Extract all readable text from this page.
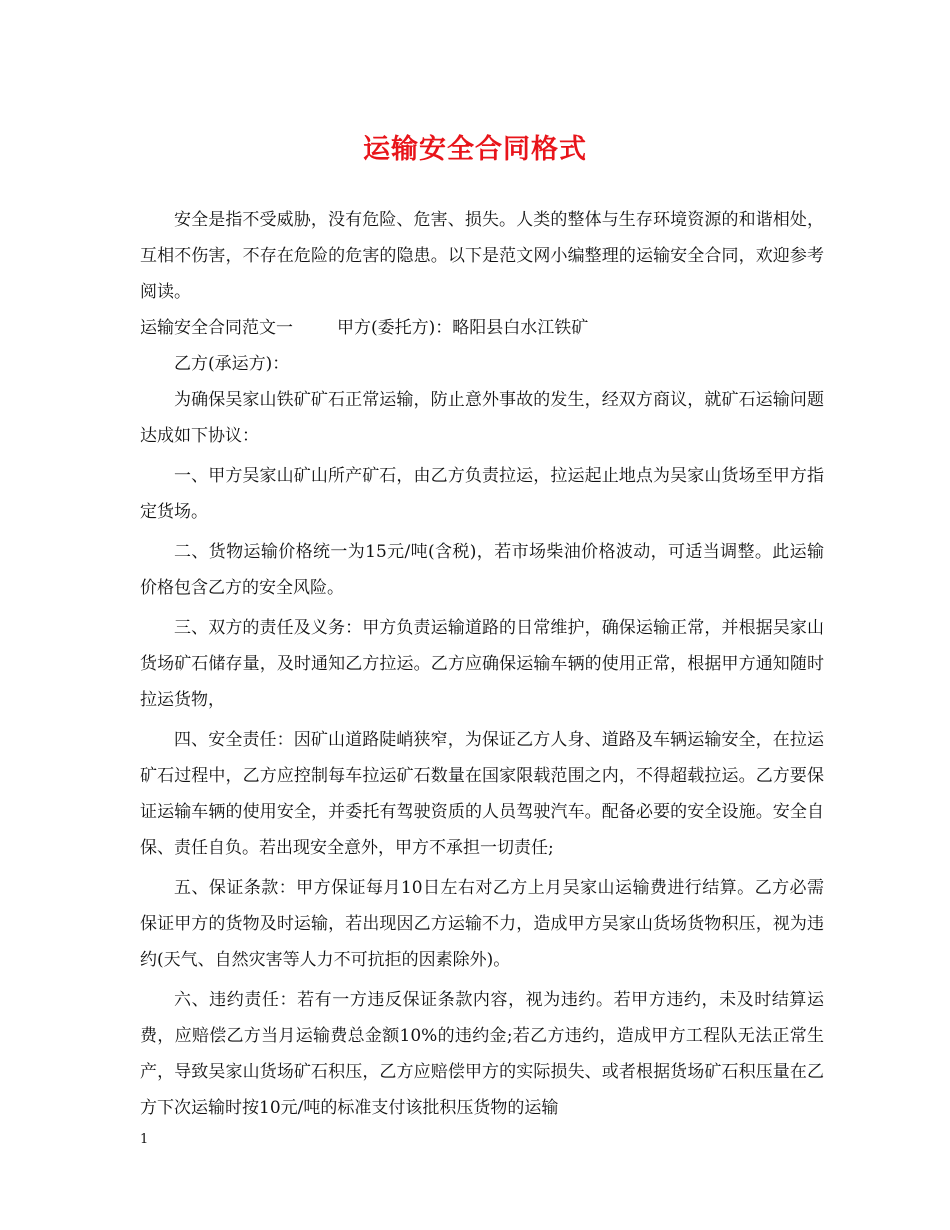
运输安全合同格式

安全是指不受威胁，没有危险、危害、损失。人类的整体与生存环境资源的和谐相处，互相不伤害，不存在危险的危害的隐患。以下是范文网小编整理的运输安全合同，欢迎参考阅读。

运输安全合同范文一	甲方(委托方)：略阳县白水江铁矿

乙方(承运方)：

为确保吴家山铁矿矿石正常运输，防止意外事故的发生，经双方商议，就矿石运输问题达成如下协议：

一、甲方吴家山矿山所产矿石，由乙方负责拉运，拉运起止地点为吴家山货场至甲方指定货场。

二、货物运输价格统一为15元/吨(含税)，若市场柴油价格波动，可适当调整。此运输价格包含乙方的安全风险。

三、双方的责任及义务：甲方负责运输道路的日常维护，确保运输正常，并根据吴家山货场矿石储存量，及时通知乙方拉运。乙方应确保运输车辆的使用正常，根据甲方通知随时拉运货物，

四、安全责任：因矿山道路陡峭狭窄，为保证乙方人身、道路及车辆运输安全，在拉运矿石过程中，乙方应控制每车拉运矿石数量在国家限载范围之内，不得超载拉运。乙方要保证运输车辆的使用安全，并委托有驾驶资质的人员驾驶汽车。配备必要的安全设施。安全自保、责任自负。若出现安全意外，甲方不承担一切责任;

五、保证条款：甲方保证每月10日左右对乙方上月吴家山运输费进行结算。乙方必需保证甲方的货物及时运输，若出现因乙方运输不力，造成甲方吴家山货场货物积压，视为违约(天气、自然灾害等人力不可抗拒的因素除外)。

六、违约责任：若有一方违反保证条款内容，视为违约。若甲方违约，未及时结算运费，应赔偿乙方当月运输费总金额10%的违约金;若乙方违约，造成甲方工程队无法正常生产，导致吴家山货场矿石积压，乙方应赔偿甲方的实际损失、或者根据货场矿石积压量在乙方下次运输时按10元/吨的标准支付该批积压货物的运输

1
